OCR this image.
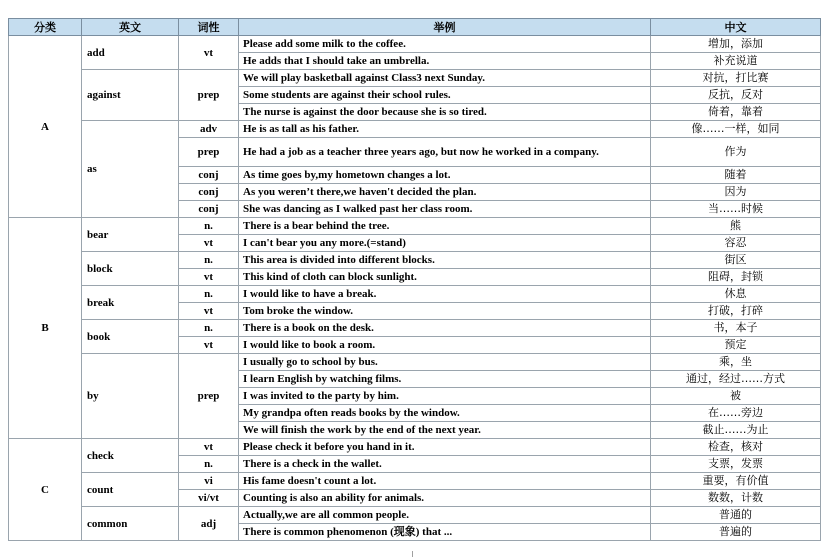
分类	英文	词性	举例	中文
A	add	vt	Please add some milk to the coffee.	增加，添加
			He adds that I should take an umbrella.	补充说道
	against	prep	We will play basketball against Class3 next Sunday.	对抗，打比赛
			Some students are against their school rules.	反抗，反对
			The nurse is against the door because she is so tired.	倚着，靠着
	as	adv	He is as tall as his father.	像……一样，如同
		prep	He had a job as a teacher three years ago, but now he worked in a company.	作为
		conj	As time goes by,my hometown changes a lot.	随着
		conj	As you weren’t there,we haven't decided the plan.	因为
		conj	She was dancing as I walked past her class room.	当……时候
B	bear	n.	There is a bear behind the tree.	熊
		vt	I can't bear you any more.(=stand)	容忍
	block	n.	This area is divided into different blocks.	街区
		vt	This kind of cloth can block sunlight.	阻碍，封锁
	break	n.	I would like to have a break.	休息
		vt	Tom broke the window.	打破，打碎
	book	n.	There is a book on the desk.	书，本子
		vt	I would like to book a room.	预定
	by	prep	I usually go to school by bus.	乘，坐
			I learn English by watching films.	通过，经过……方式
			I was invited to the party by him.	被
			My grandpa often reads books by the window.	在……旁边
			We will finish the work by the end of the next year.	截止……为止
C	check	vt	Please check it before you hand in it.	检查，核对
		n.	There is a check in the wallet.	支票，发票
	count	vi	His fame doesn't count a lot.	重要，有价值
		vi/vt	Counting is also an ability for animals.	数数，计数
	common	adj	Actually,we are all common people.	普通的
			There is common phenomenon (现象) that ...	普遍的
